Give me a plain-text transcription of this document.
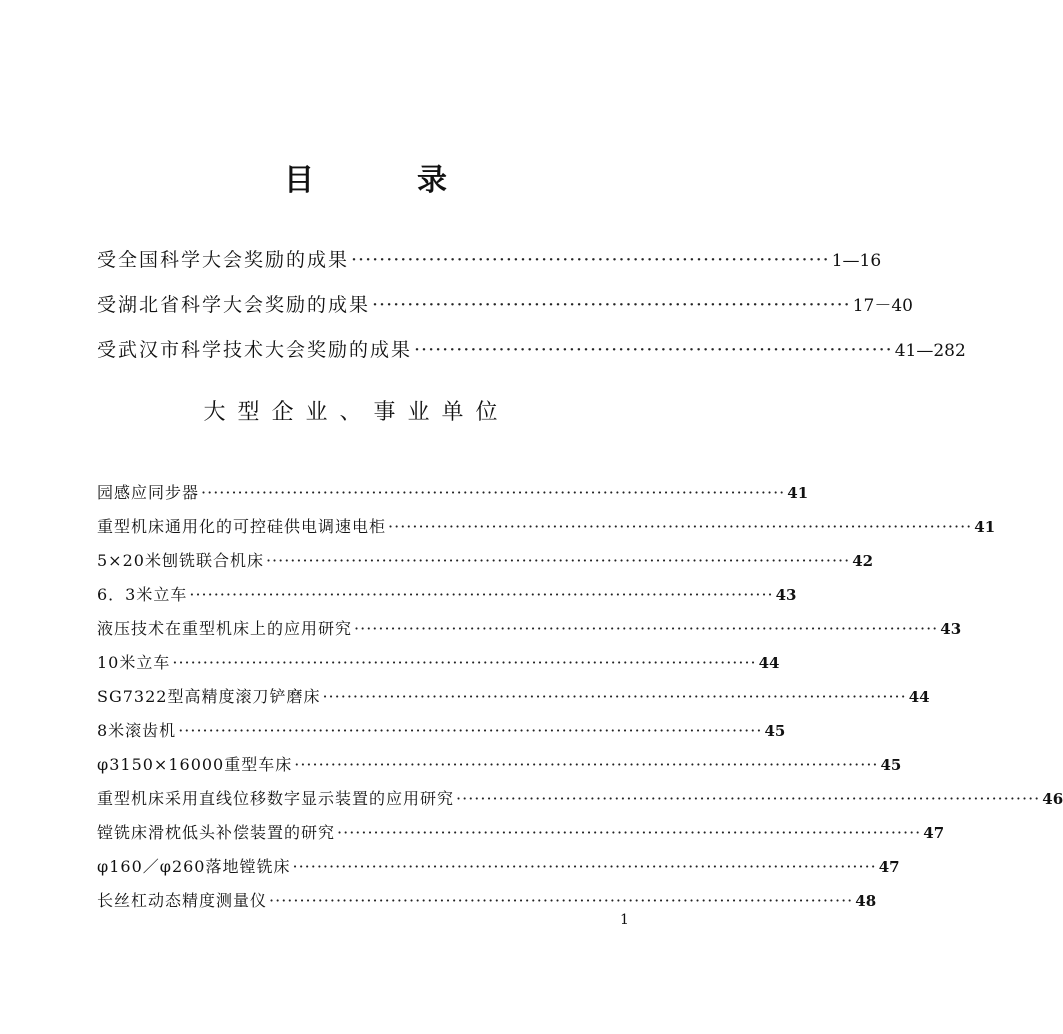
目	录
受全国科学大会奖励的成果 ···································································· 1—16
受湖北省科学大会奖励的成果 ···································································· 17－40
受武汉市科学技术大会奖励的成果 ···································································· 41—282
大型企业、事业单位
园感应同步器 ································································································ 41
重型机床通用化的可控硅供电调速电柜 ································································································ 41
5×20米刨铣联合机床 ································································································ 42
6．3米立车 ································································································ 43
液压技术在重型机床上的应用研究 ································································································ 43
10米立车 ································································································ 44
SG7322型高精度滚刀铲磨床 ································································································ 44
8米滚齿机 ································································································ 45
φ3150×16000重型车床 ································································································ 45
重型机床采用直线位移数字显示装置的应用研究 ································································································ 46
镗铣床滑枕低头补偿装置的研究 ································································································ 47
φ160／φ260落地镗铣床 ································································································ 47
长丝杠动态精度测量仪 ································································································ 48
1
